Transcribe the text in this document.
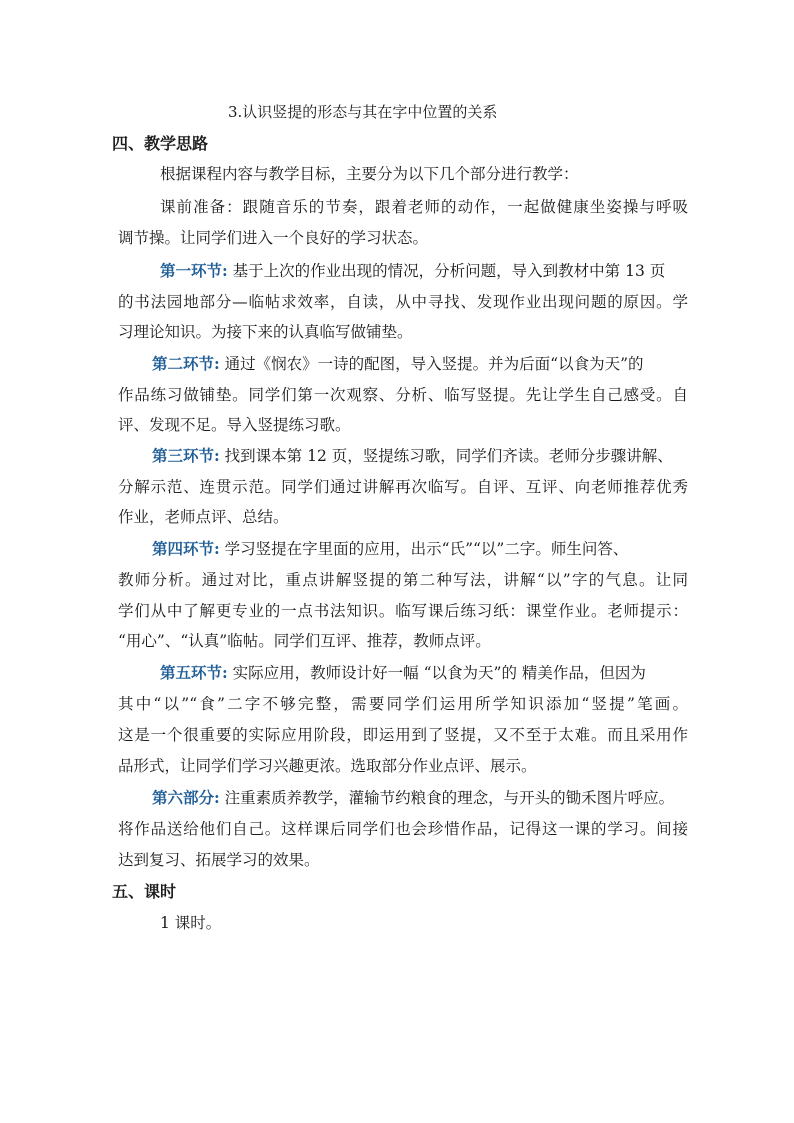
3.认识竖提的形态与其在字中位置的关系
四、教学思路
根据课程内容与教学目标，主要分为以下几个部分进行教学：
课前准备：跟随音乐的节奏，跟着老师的动作，一起做健康坐姿操与呼吸
调节操。让同学们进入一个良好的学习状态。
第一环节: 基于上次的作业出现的情况，分析问题，导入到教材中第 13 页
的书法园地部分—临帖求效率，自读，从中寻找、发现作业出现问题的原因。学
习理论知识。为接下来的认真临写做铺垫。
第二环节: 通过《悯农》一诗的配图，导入竖提。并为后面“以食为天”的
作品练习做铺垫。同学们第一次观察、分析、临写竖提。先让学生自己感受。自
评、发现不足。导入竖提练习歌。
第三环节: 找到课本第 12 页，竖提练习歌，同学们齐读。老师分步骤讲解、
分解示范、连贯示范。同学们通过讲解再次临写。自评、互评、向老师推荐优秀
作业，老师点评、总结。
第四环节: 学习竖提在字里面的应用，出示“氏”“以”二字。师生问答、
教师分析。通过对比，重点讲解竖提的第二种写法，讲解“以”字的气息。让同
学们从中了解更专业的一点书法知识。临写课后练习纸：课堂作业。老师提示：
“用心”、“认真”临帖。同学们互评、推荐，教师点评。
第五环节: 实际应用，教师设计好一幅 “以食为天”的 精美作品，但因为
其中“以”“食”二字不够完整，需要同学们运用所学知识添加“竖提”笔画。
这是一个很重要的实际应用阶段，即运用到了竖提，又不至于太难。而且采用作
品形式，让同学们学习兴趣更浓。选取部分作业点评、展示。
第六部分: 注重素质养教学，灌输节约粮食的理念，与开头的锄禾图片呼应。
将作品送给他们自己。这样课后同学们也会珍惜作品，记得这一课的学习。间接
达到复习、拓展学习的效果。
五、课时
1 课时。
